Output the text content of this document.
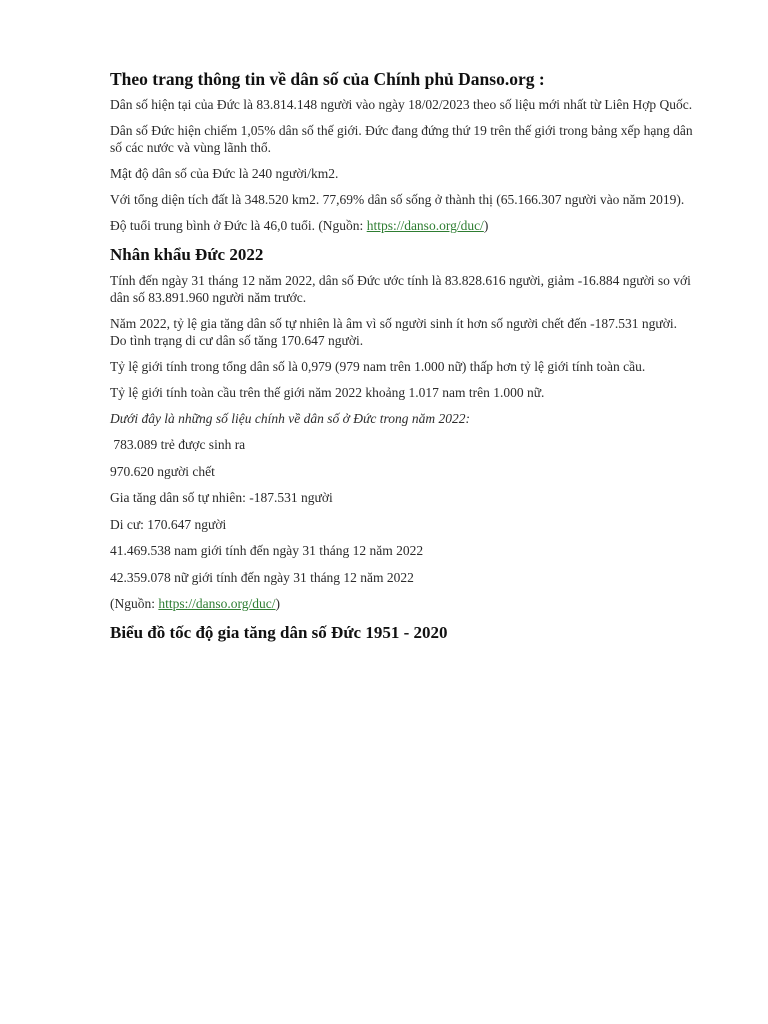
Theo trang thông tin về dân số của Chính phủ Danso.org :

Dân số hiện tại của Đức là 83.814.148 người vào ngày 18/02/2023 theo số liệu mới nhất từ Liên Hợp Quốc.

Dân số Đức hiện chiếm 1,05% dân số thế giới. Đức đang đứng thứ 19 trên thế giới trong bảng xếp hạng dân số các nước và vùng lãnh thổ.

Mật độ dân số của Đức là 240 người/km2.

Với tổng diện tích đất là 348.520 km2. 77,69% dân số sống ở thành thị (65.166.307 người vào năm 2019).

Độ tuổi trung bình ở Đức là 46,0 tuổi. (Nguồn: https://danso.org/duc/)

Nhân khẩu Đức 2022

Tính đến ngày 31 tháng 12 năm 2022, dân số Đức ước tính là 83.828.616 người, giảm -16.884 người so với dân số 83.891.960 người năm trước.

Năm 2022, tỷ lệ gia tăng dân số tự nhiên là âm vì số người sinh ít hơn số người chết đến -187.531 người. Do tình trạng di cư dân số tăng 170.647 người.

Tỷ lệ giới tính trong tổng dân số là 0,979 (979 nam trên 1.000 nữ) thấp hơn tỷ lệ giới tính toàn cầu.

Tỷ lệ giới tính toàn cầu trên thế giới năm 2022 khoảng 1.017 nam trên 1.000 nữ.

Dưới đây là những số liệu chính về dân số ở Đức trong năm 2022:

783.089 trẻ được sinh ra

970.620 người chết

Gia tăng dân số tự nhiên: -187.531 người

Di cư: 170.647 người

41.469.538 nam giới tính đến ngày 31 tháng 12 năm 2022

42.359.078 nữ giới tính đến ngày 31 tháng 12 năm 2022

(Nguồn: https://danso.org/duc/)

Biểu đồ tốc độ gia tăng dân số Đức 1951 - 2020
